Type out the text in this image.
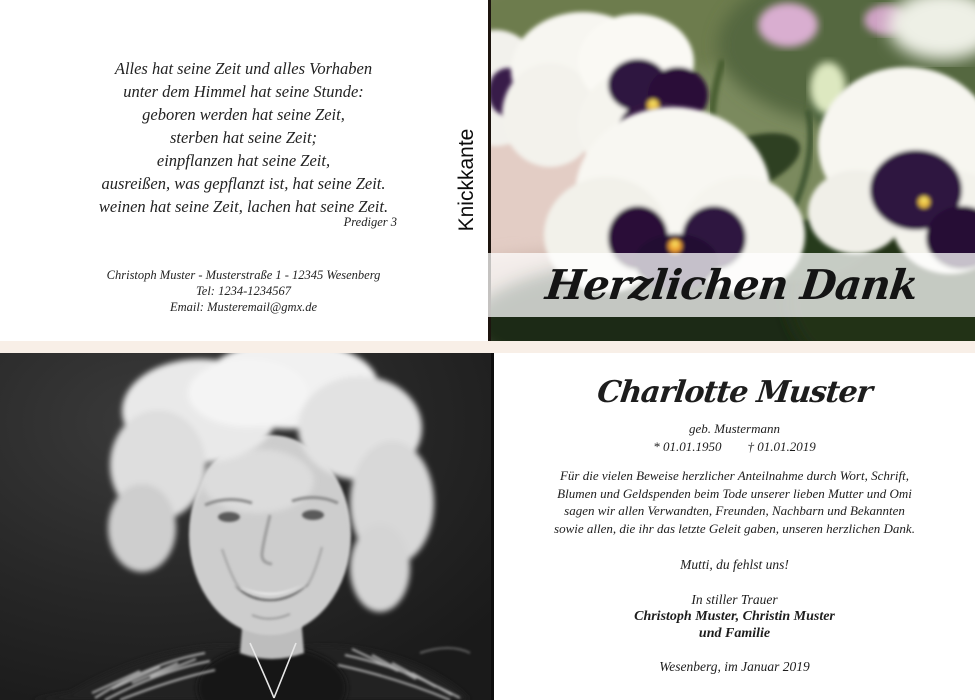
Alles hat seine Zeit und alles Vorhaben
unter dem Himmel hat seine Stunde:
geboren werden hat seine Zeit,
sterben hat seine Zeit;
einpflanzen hat seine Zeit,
ausreißen, was gepflanzt ist, hat seine Zeit.
weinen hat seine Zeit, lachen hat seine Zeit.
Prediger 3
Christoph Muster - Musterstraße 1 - 12345 Wesenberg
Tel: 1234-1234567
Email: Musteremail@gmx.de
Knickkante
Herzlichen Dank
Charlotte Muster
geb. Mustermann
* 01.01.1950 † 01.01.2019
Für die vielen Beweise herzlicher Anteilnahme durch Wort, Schrift,
Blumen und Geldspenden beim Tode unserer lieben Mutter und Omi
sagen wir allen Verwandten, Freunden, Nachbarn und Bekannten
sowie allen, die ihr das letzte Geleit gaben, unseren herzlichen Dank.
Mutti, du fehlst uns!
In stiller Trauer
Christoph Muster, Christin Muster
und Familie
Wesenberg, im Januar 2019
